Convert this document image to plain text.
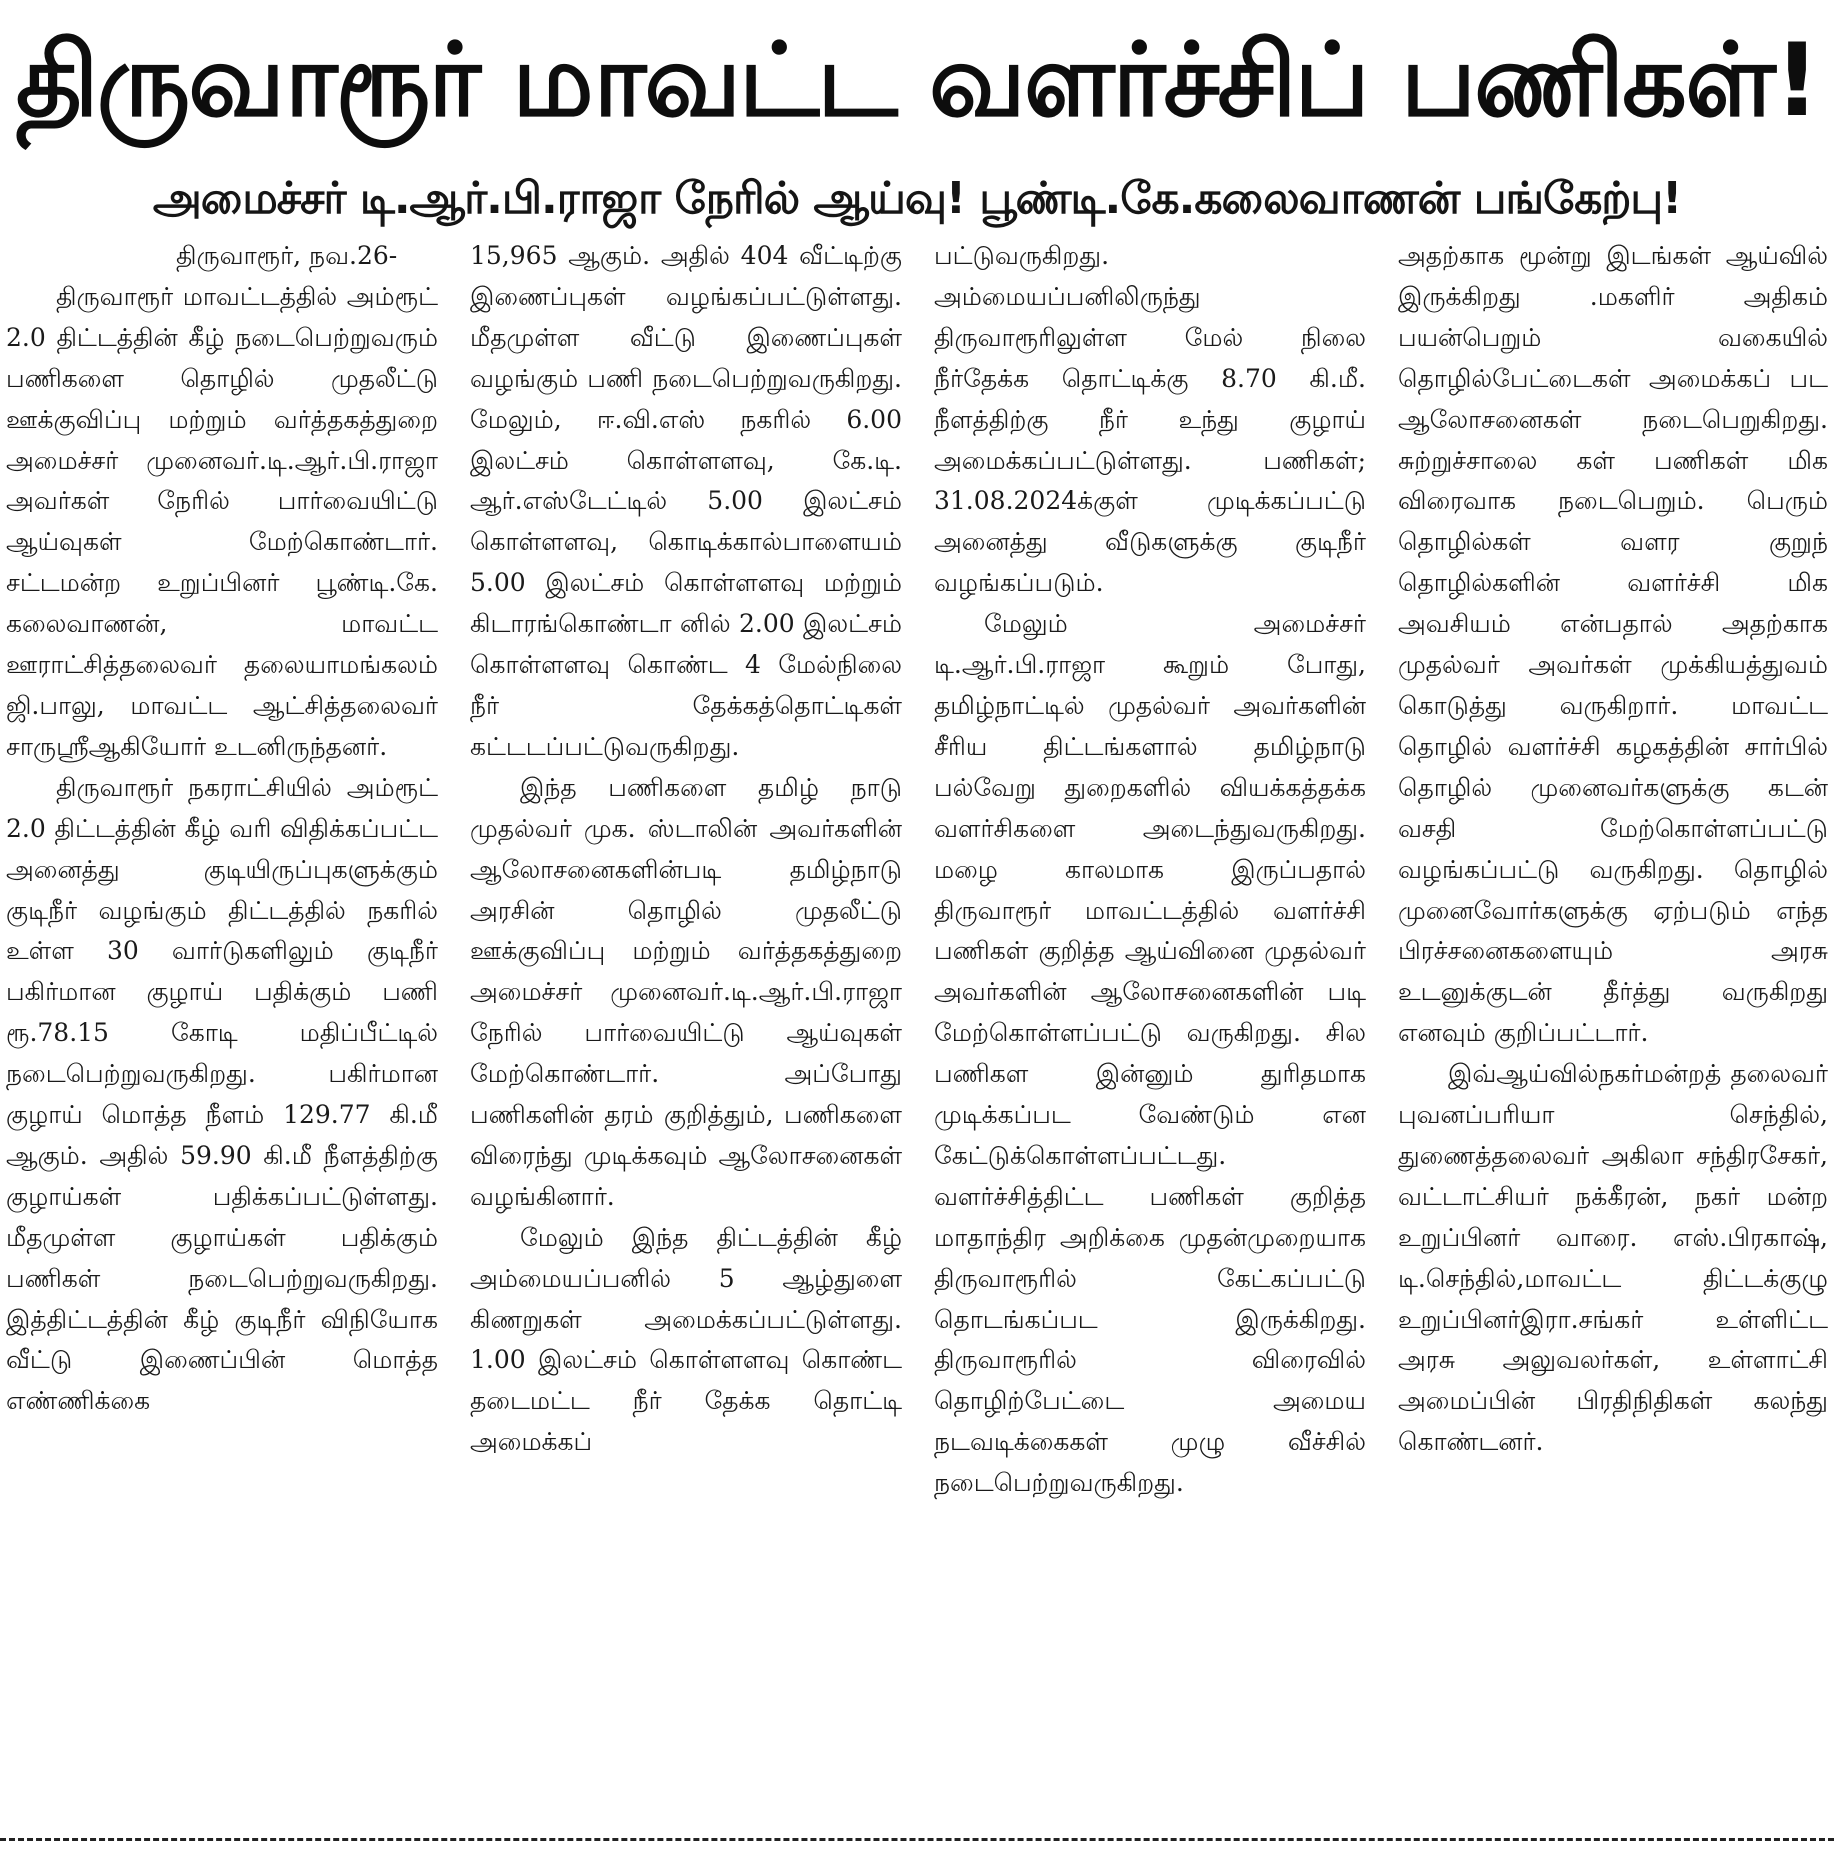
திருவாரூர் மாவட்ட வளர்ச்சிப் பணிகள்!
அமைச்சர் டி.ஆர்.பி.ராஜா நேரில் ஆய்வு! பூண்டி.கே.கலைவாணன் பங்கேற்பு!

திருவாரூர், நவ.26-

திருவாரூர் மாவட்டத்தில் அம்ரூட் 2.0 திட்டத்தின் கீழ் நடைபெற்றுவரும் பணிகளை தொழில் முதலீட்டு ஊக்குவிப்பு மற்றும் வர்த்தகத்துறை அமைச்சர் முனைவர்.டி.ஆர்.பி.ராஜா அவர்கள் நேரில் பார்வையிட்டு ஆய்வுகள் மேற்கொண்டார். சட்டமன்ற உறுப்பினர் பூண்டி.கே. கலைவாணன், மாவட்ட ஊராட்சித்தலைவர் தலையாமங்கலம் ஜி.பாலு, மாவட்ட ஆட்சித்தலைவர் சாருஸ்ரீஆகியோர் உடனிருந்தனர்.

திருவாரூர் நகராட்சியில் அம்ரூட் 2.0 திட்டத்தின் கீழ் வரி விதிக்கப்பட்ட அனைத்து குடியிருப்புகளுக்கும் குடிநீர் வழங்கும் திட்டத்தில் நகரில் உள்ள 30 வார்டுகளிலும் குடிநீர் பகிர்மான குழாய் பதிக்கும் பணி ரூ.78.15 கோடி மதிப்பீட்டில் நடைபெற்றுவருகிறது. பகிர்மான குழாய் மொத்த நீளம் 129.77 கி.மீ ஆகும். அதில் 59.90 கி.மீ நீளத்திற்கு குழாய்கள் பதிக்கப்பட்டுள்ளது. மீதமுள்ள குழாய்கள் பதிக்கும் பணிகள் நடைபெற்றுவருகிறது. இத்திட்டத்தின் கீழ் குடிநீர் விநியோக வீட்டு இணைப்பின் மொத்த எண்ணிக்கை

15,965 ஆகும். அதில் 404 வீட்டிற்கு இணைப்புகள் வழங்கப்பட்டுள்ளது. மீதமுள்ள வீட்டு இணைப்புகள் வழங்கும் பணி நடைபெற்றுவருகிறது. மேலும், ஈ.வி.எஸ் நகரில் 6.00 இலட்சம் கொள்ளளவு, கே.டி. ஆர்.எஸ்டேட்டில் 5.00 இலட்சம் கொள்ளளவு, கொடிக்கால்பாளையம் 5.00 இலட்சம் கொள்ளளவு மற்றும் கிடாரங்கொண்டா னில் 2.00 இலட்சம் கொள்ளளவு கொண்ட 4 மேல்நிலை நீர் தேக்கத்தொட்டிகள் கட்டடப்பட்டுவருகிறது.

இந்த பணிகளை தமிழ் நாடு முதல்வர் முக. ஸ்டாலின் அவர்களின் ஆலோசனைகளின்படி தமிழ்நாடு அரசின் தொழில் முதலீட்டு ஊக்குவிப்பு மற்றும் வர்த்தகத்துறை அமைச்சர் முனைவர்.டி.ஆர்.பி.ராஜா நேரில் பார்வையிட்டு ஆய்வுகள் மேற்கொண்டார். அப்போது பணிகளின் தரம் குறித்தும், பணிகளை விரைந்து முடிக்கவும் ஆலோசனைகள் வழங்கினார்.

மேலும் இந்த திட்டத்தின் கீழ் அம்மையப்பனில் 5 ஆழ்துளை கிணறுகள் அமைக்கப்பட்டுள்ளது. 1.00 இலட்சம் கொள்ளளவு கொண்ட தடைமட்ட நீர் தேக்க தொட்டி அமைக்கப்

பட்டுவருகிறது. அம்மையப்பனிலிருந்து திருவாரூரிலுள்ள மேல் நிலை நீர்தேக்க தொட்டிக்கு 8.70 கி.மீ. நீளத்திற்கு நீர் உந்து குழாய் அமைக்கப்பட்டுள்ளது. பணிகள்; 31.08.2024க்குள் முடிக்கப்பட்டு அனைத்து வீடுகளுக்கு குடிநீர் வழங்கப்படும்.

மேலும் அமைச்சர் டி.ஆர்.பி.ராஜா கூறும் போது, தமிழ்நாட்டில் முதல்வர் அவர்களின் சீரிய திட்டங்களால் தமிழ்நாடு பல்வேறு துறைகளில் வியக்கத்தக்க வளர்சிகளை அடைந்துவருகிறது. மழை காலமாக இருப்பதால் திருவாரூர் மாவட்டத்தில் வளர்ச்சி பணிகள் குறித்த ஆய்வினை முதல்வர் அவர்களின் ஆலோசனைகளின் படி மேற்கொள்ளப்பட்டு வருகிறது. சில பணிகள இன்னும் துரிதமாக முடிக்கப்பட வேண்டும் என கேட்டுக்கொள்ளப்பட்டது. வளர்ச்சித்திட்ட பணிகள் குறித்த மாதாந்திர அறிக்கை முதன்முறையாக திருவாரூரில் கேட்கப்பட்டு தொடங்கப்பட இருக்கிறது. திருவாரூரில் விரைவில் தொழிற்பேட்டை அமைய நடவடிக்கைகள் முழு வீச்சில் நடைபெற்றுவருகிறது.

அதற்காக மூன்று இடங்கள் ஆய்வில் இருக்கிறது .மகளிர் அதிகம் பயன்பெறும் வகையில் தொழில்பேட்டைகள் அமைக்கப் பட ஆலோசனைகள் நடைபெறுகிறது. சுற்றுச்சாலை கள் பணிகள் மிக விரைவாக நடைபெறும். பெரும் தொழில்கள் வளர குறுந் தொழில்களின் வளர்ச்சி மிக அவசியம் என்பதால் அதற்காக முதல்வர் அவர்கள் முக்கியத்துவம் கொடுத்து வருகிறார். மாவட்ட தொழில் வளர்ச்சி கழகத்தின் சார்பில் தொழில் முனைவர்களுக்கு கடன் வசதி மேற்கொள்ளப்பட்டு வழங்கப்பட்டு வருகிறது. தொழில் முனைவோர்களுக்கு ஏற்படும் எந்த பிரச்சனைகளையும் அரசு உடனுக்குடன் தீர்த்து வருகிறது எனவும் குறிப்பட்டார்.

இவ்ஆய்வில்நகர்மன்றத் தலைவர் புவனப்பரியா செந்தில், துணைத்தலைவர் அகிலா சந்திரசேகர், வட்டாட்சியர் நக்கீரன், நகர் மன்ற உறுப்பினர் வாரை. எஸ்.பிரகாஷ், டி.செந்தில்,மாவட்ட திட்டக்குழு உறுப்பினர்இரா.சங்கர் உள்ளிட்ட அரசு அலுவலர்கள், உள்ளாட்சி அமைப்பின் பிரதிநிதிகள் கலந்து கொண்டனர்.
